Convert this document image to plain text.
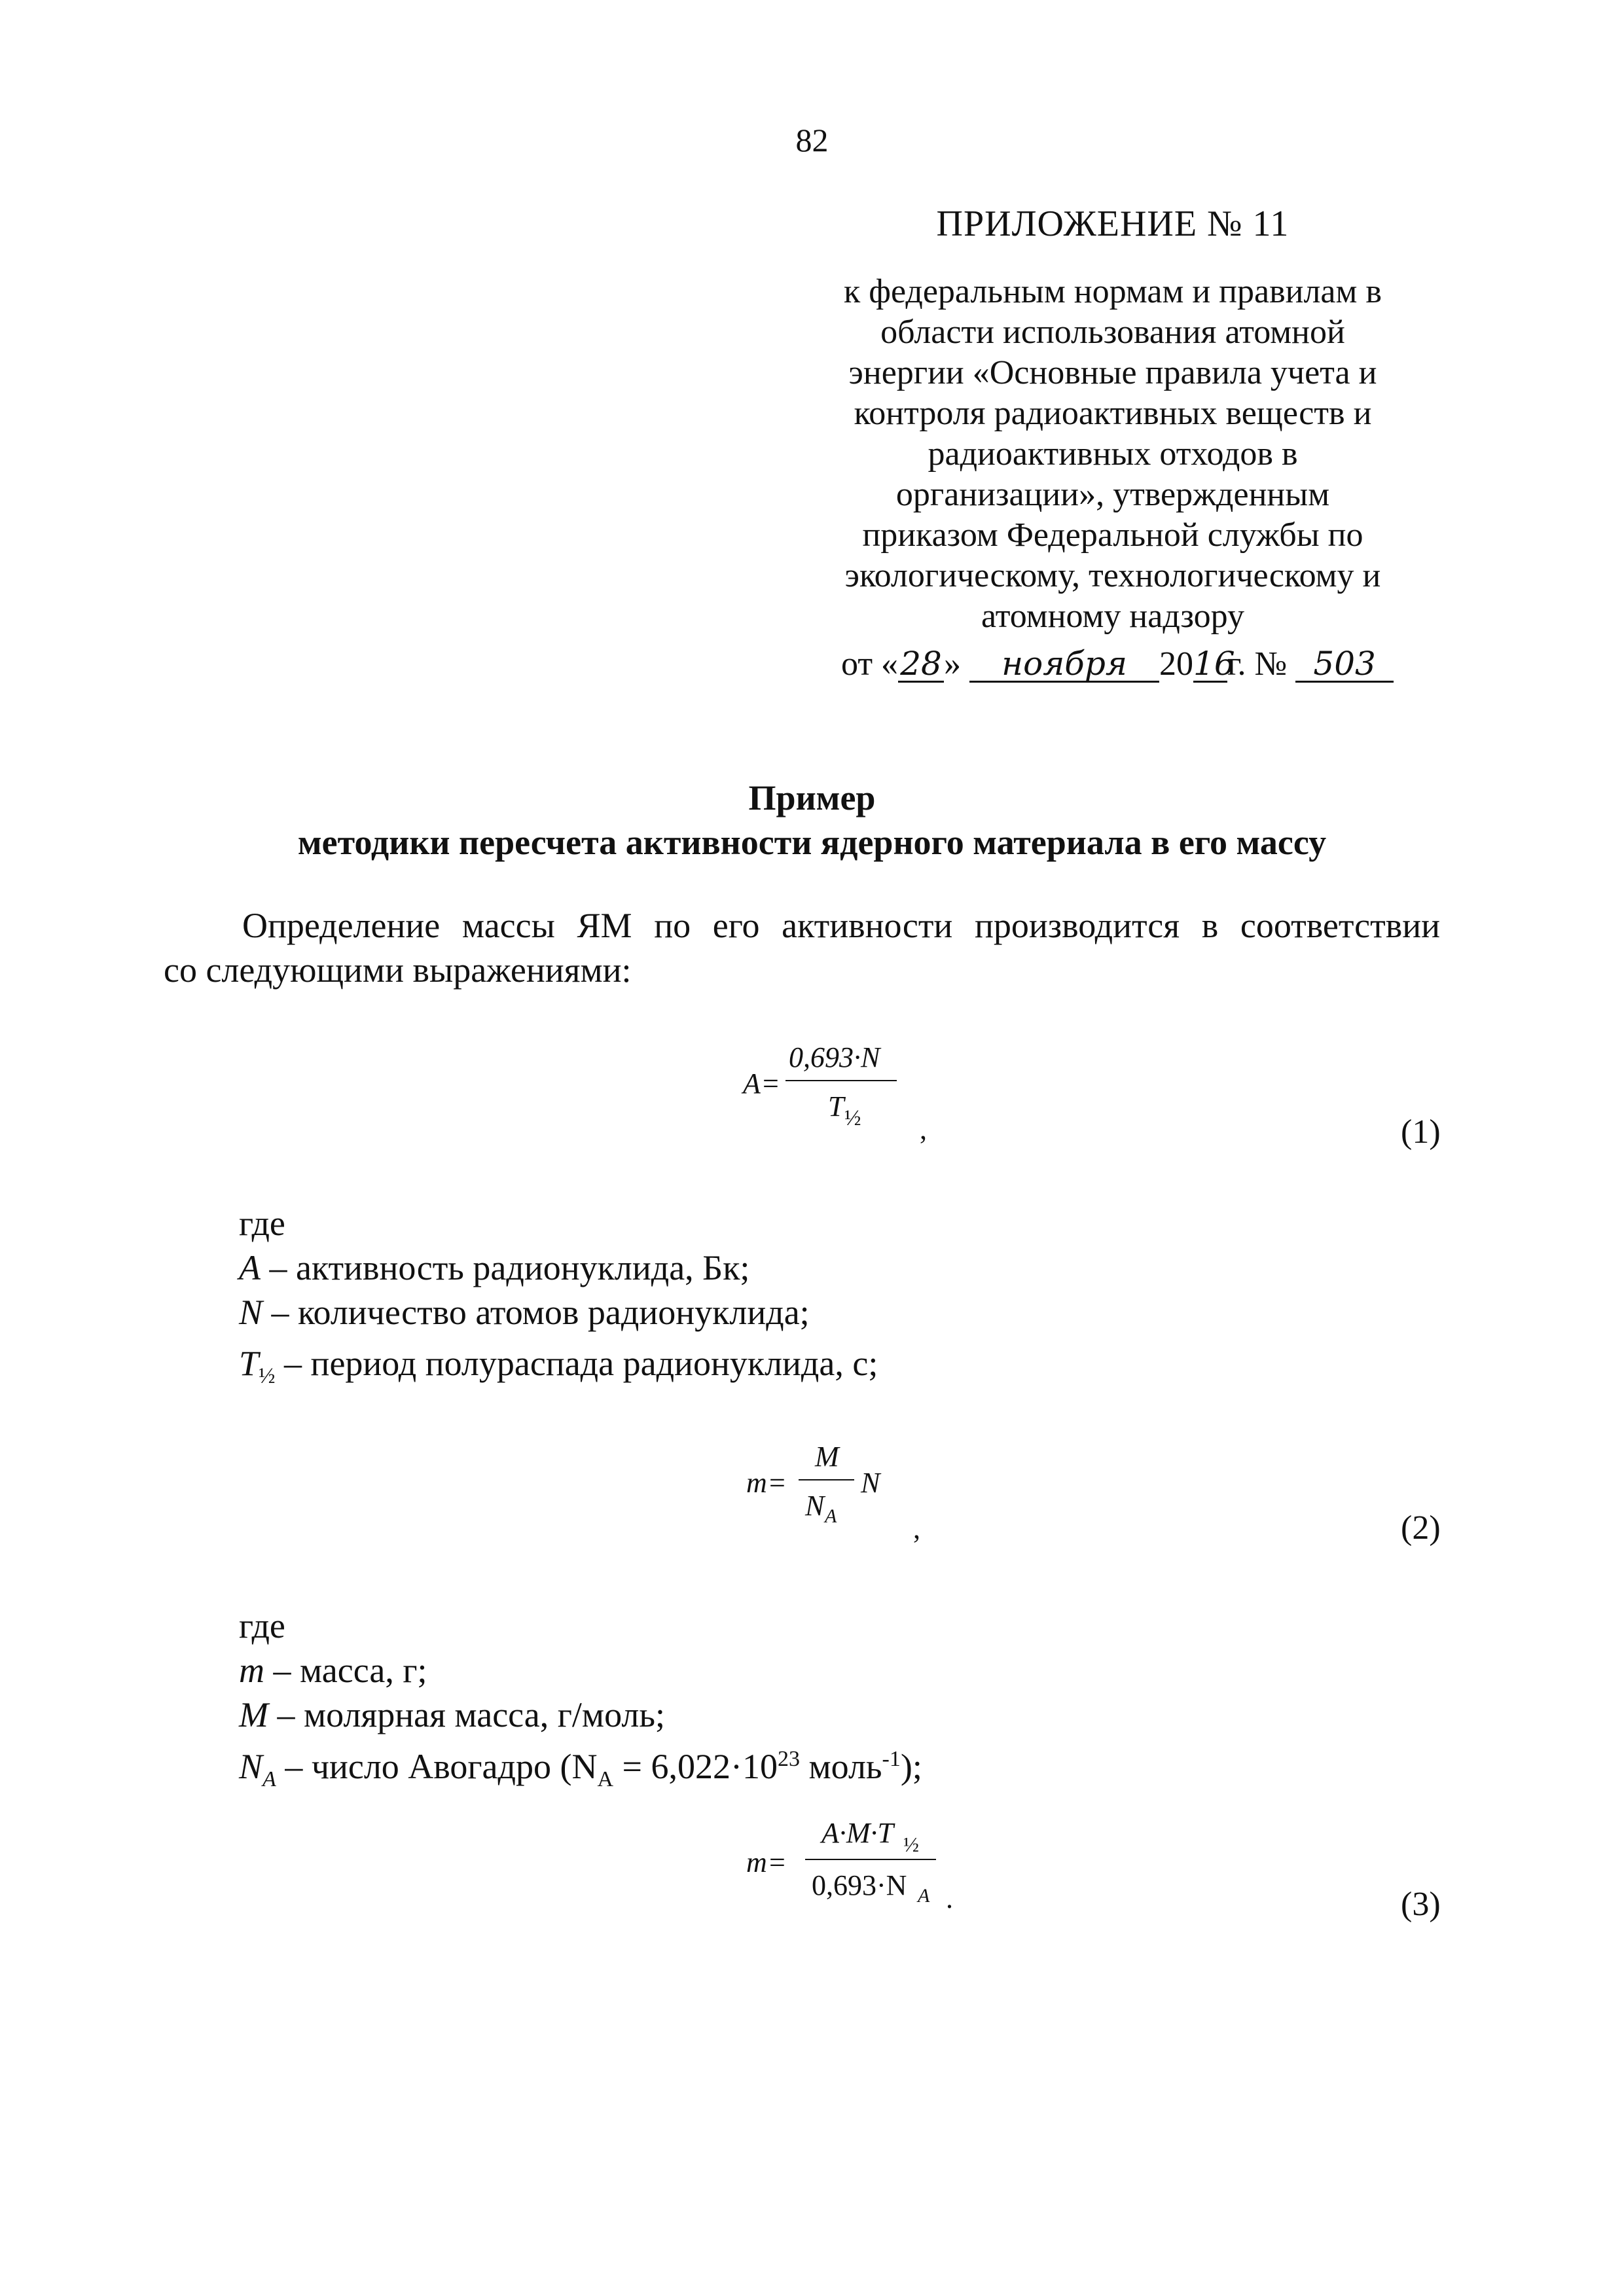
82
ПРИЛОЖЕНИЕ № 11
к федеральным нормам и правилам в
области использования атомной
энергии «Основные правила учета и
контроля радиоактивных веществ и
радиоактивных отходов в
организации», утвержденным
приказом Федеральной службы по
экологическому, технологическому и
атомному надзору
от «28» ноября 2016г. № 503
Пример
методики пересчета активности ядерного материала в его массу
Определение массы ЯМ по его активности производится в соответствии
со следующими выражениями:
A =
0,693·N
T ½ ,	(1)
где
A – активность радионуклида, Бк;
N – количество атомов радионуклида;
$T_{\frac{1}{2}}$ – период полураспада радионуклида, с;
m =
M
N A
N
,	(2)
где
m – масса, г;
M – молярная масса, г/моль;
$N_A$ – число Авогадро ($N_A = 6,022\cdot 10^{23}$ моль$^{-1}$);
m =
A·M·T ½
0,693·N A .	(3)
